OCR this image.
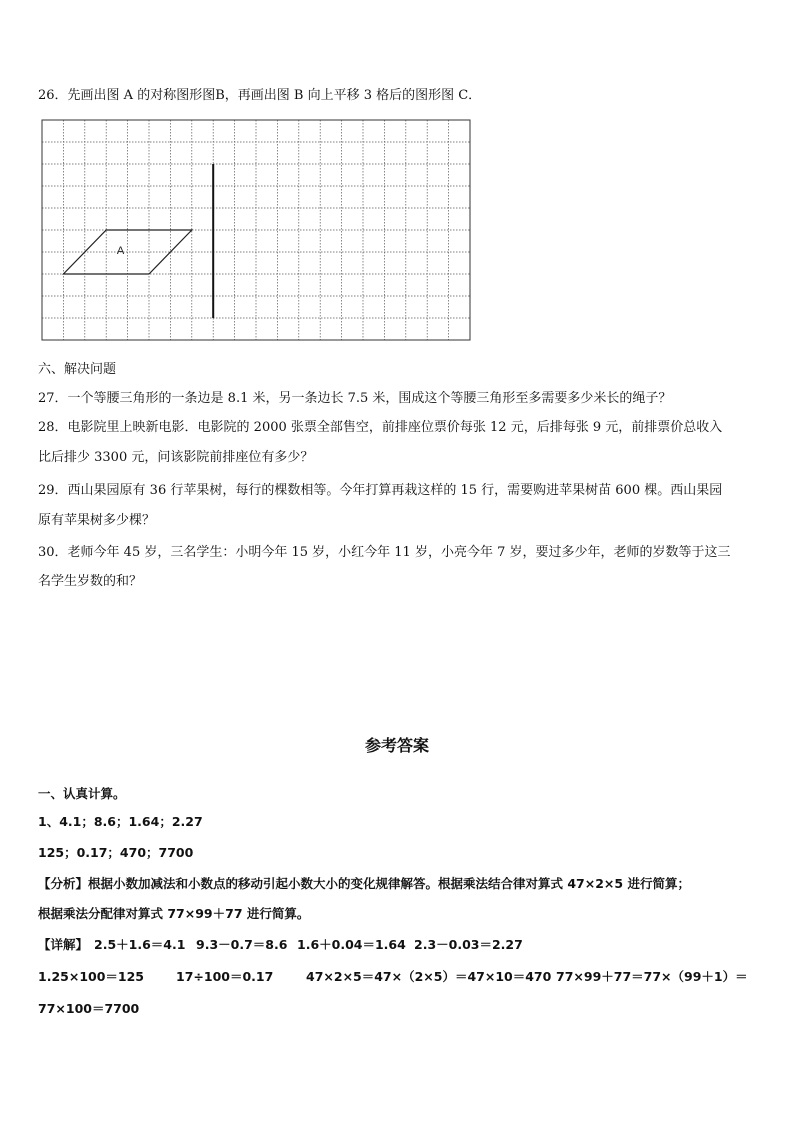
26．先画出图 A 的对称图形图B，再画出图 B 向上平移 3 格后的图形图 C．
A
六、解决问题
27．一个等腰三角形的一条边是 8.1 米，另一条边长 7.5 米，围成这个等腰三角形至多需要多少米长的绳子？
28．电影院里上映新电影．电影院的 2000 张票全部售空，前排座位票价每张 12 元，后排每张 9 元，前排票价总收入
比后排少 3300 元，问该影院前排座位有多少？
29．西山果园原有 36 行苹果树，每行的棵数相等。今年打算再栽这样的 15 行，需要购进苹果树苗 600 棵。西山果园
原有苹果树多少棵？
30．老师今年 45 岁，三名学生：小明今年 15 岁，小红今年 11 岁，小亮今年 7 岁，要过多少年，老师的岁数等于这三
名学生岁数的和？
参考答案
一、认真计算。
1、4.1；8.6；1.64；2.27
125；0.17；470；7700
【分析】根据小数加减法和小数点的移动引起小数大小的变化规律解答。根据乘法结合律对算式 47×2×5 进行简算；
根据乘法分配律对算式 77×99＋77 进行简算。
【详解】 2.5＋1.6＝4.1 9.3－0.7＝8.6 1.6＋0.04＝1.64 2.3－0.03＝2.27
1.25×100＝125	17÷100＝0.17	47×2×5＝47×（2×5）＝47×10＝470 77×99＋77＝77×（99＋1）＝
77×100＝7700
